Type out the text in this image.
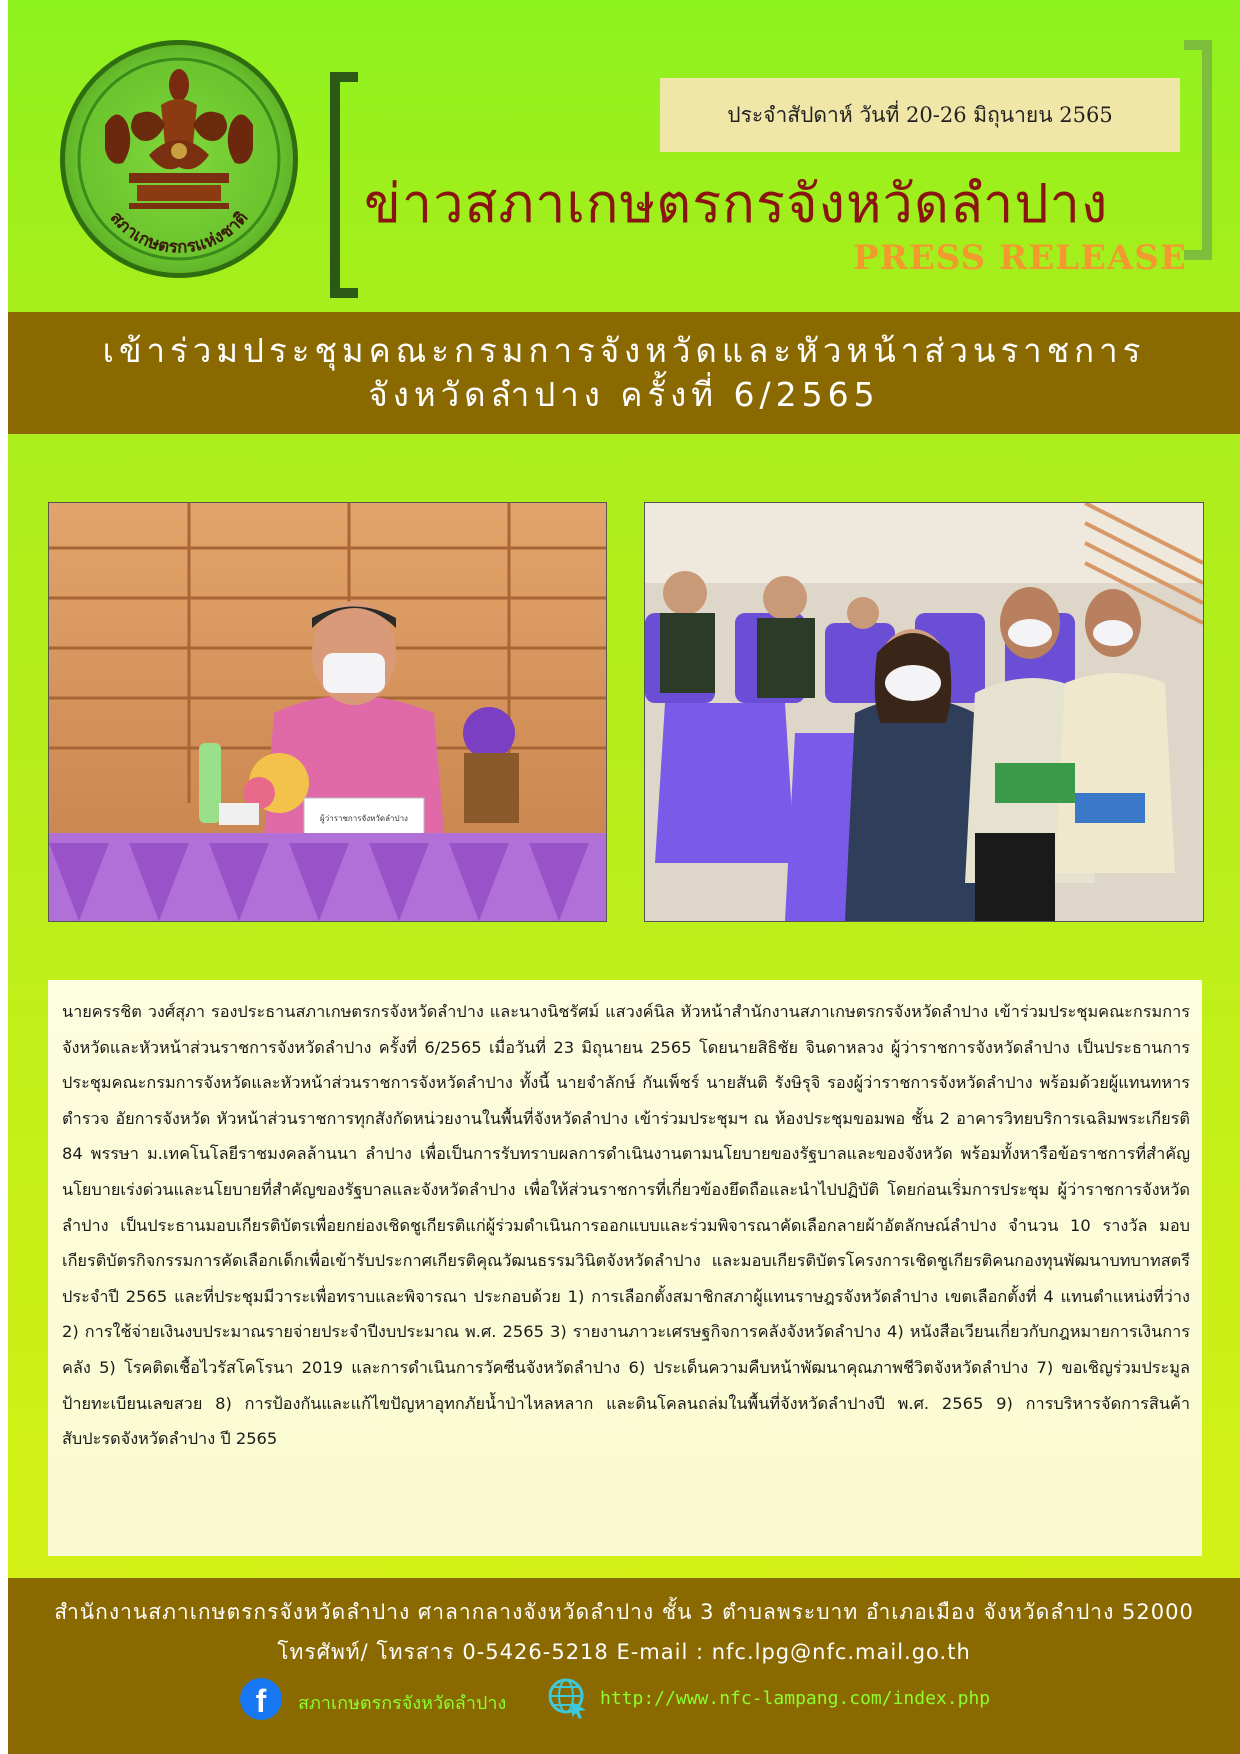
สภาเกษตรกรแห่งชาติ
ประจำสัปดาห์ วันที่ 20-26 มิถุนายน 2565
ข่าวสภาเกษตรกรจังหวัดลำปาง
PRESS RELEASE
เข้าร่วมประชุมคณะกรมการจังหวัดและหัวหน้าส่วนราชการ
จังหวัดลำปาง ครั้งที่ 6/2565
ผู้ว่าราชการจังหวัดลำปาง
นายครรชิต วงศ์สุภา รองประธานสภาเกษตรกรจังหวัดลำปาง และนางนิชรัศม์ แสวงค์นิล หัวหน้าสำนักงานสภาเกษตรกรจังหวัดลำปาง เข้าร่วมประชุมคณะกรมการจังหวัดและหัวหน้าส่วนราชการจังหวัดลำปาง ครั้งที่ 6/2565 เมื่อวันที่ 23 มิถุนายน 2565 โดยนายสิธิชัย จินดาหลวง ผู้ว่าราชการจังหวัดลำปาง เป็นประธานการประชุมคณะกรมการจังหวัดและหัวหน้าส่วนราชการจังหวัดลำปาง ทั้งนี้ นายจำลักษ์ กันเพ็ชร์ นายสันติ รังษิรุจิ รองผู้ว่าราชการจังหวัดลำปาง พร้อมด้วยผู้แทนทหาร ตำรวจ อัยการจังหวัด หัวหน้าส่วนราชการทุกสังกัดหน่วยงานในพื้นที่จังหวัดลำปาง เข้าร่วมประชุมฯ ณ ห้องประชุมขอมพอ ชั้น 2 อาคารวิทยบริการเฉลิมพระเกียรติ 84 พรรษา ม.เทคโนโลยีราชมงคลล้านนา ลำปาง เพื่อเป็นการรับทราบผลการดำเนินงานตามนโยบายของรัฐบาลและของจังหวัด พร้อมทั้งหารือข้อราชการที่สำคัญ นโยบายเร่งด่วนและนโยบายที่สำคัญของรัฐบาลและจังหวัดลำปาง เพื่อให้ส่วนราชการที่เกี่ยวข้องยึดถือและนำไปปฏิบัติ โดยก่อนเริ่มการประชุม ผู้ว่าราชการจังหวัดลำปาง เป็นประธานมอบเกียรติบัตรเพื่อยกย่องเชิดชูเกียรติแก่ผู้ร่วมดำเนินการออกแบบและร่วมพิจารณาคัดเลือกลายผ้าอัตลักษณ์ลำปาง จำนวน 10 รางวัล มอบเกียรติบัตรกิจกรรมการคัดเลือกเด็กเพื่อเข้ารับประกาศเกียรติคุณวัฒนธรรมวินิตจังหวัดลำปาง และมอบเกียรติบัตรโครงการเชิดชูเกียรติคนกองทุนพัฒนาบทบาทสตรี ประจำปี 2565 และที่ประชุมมีวาระเพื่อทราบและพิจารณา ประกอบด้วย 1) การเลือกตั้งสมาชิกสภาผู้แทนราษฎรจังหวัดลำปาง เขตเลือกตั้งที่ 4 แทนตำแหน่งที่ว่าง 2) การใช้จ่ายเงินงบประมาณรายจ่ายประจำปีงบประมาณ พ.ศ. 2565 3) รายงานภาวะเศรษฐกิจการคลังจังหวัดลำปาง 4) หนังสือเวียนเกี่ยวกับกฎหมายการเงินการคลัง 5) โรคติดเชื้อไวรัสโคโรนา 2019 และการดำเนินการวัคซีนจังหวัดลำปาง 6) ประเด็นความคืบหน้าพัฒนาคุณภาพชีวิตจังหวัดลำปาง 7) ขอเชิญร่วมประมูลป้ายทะเบียนเลขสวย 8) การป้องกันและแก้ไขปัญหาอุทกภัยน้ำป่าไหลหลาก และดินโคลนถล่มในพื้นที่จังหวัดลำปางปี พ.ศ. 2565 9) การบริหารจัดการสินค้าสับปะรดจังหวัดลำปาง ปี 2565
สำนักงานสภาเกษตรกรจังหวัดลำปาง ศาลากลางจังหวัดลำปาง ชั้น 3 ตำบลพระบาท อำเภอเมือง จังหวัดลำปาง 52000
โทรศัพท์/ โทรสาร 0-5426-5218 E-mail : nfc.lpg@nfc.mail.go.th
f	สภาเกษตรกรจังหวัดลำปาง	http://www.nfc-lampang.com/index.php
